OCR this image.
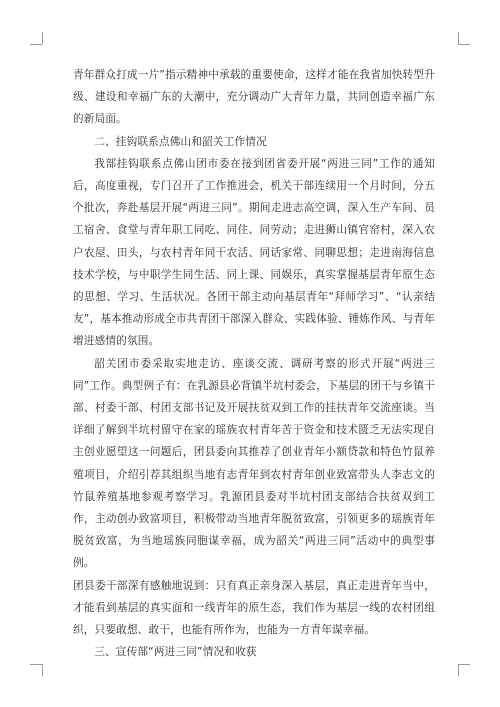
青年群众打成一片”指示精神中承载的重要使命，这样才能在我省加快转型升级、建设和幸福广东的大潮中，充分调动广大青年力量，共同创造幸福广东的新局面。

二、挂钩联系点佛山和韶关工作情况

我部挂钩联系点佛山团市委在接到团省委开展“两进三同”工作的通知后，高度重视，专门召开了工作推进会，机关干部连续用一个月时间，分五个批次，奔赴基层开展“两进三同”。期间走进志高空调，深入生产车间、员工宿舍、食堂与青年职工同吃、同住、同劳动；走进狮山镇官窑村，深入农户农屋、田头，与农村青年同干农活、同话家常、同聊思想；走进南海信息技术学校，与中职学生同生活、同上课、同娱乐，真实掌握基层青年原生态的思想、学习、生活状况。各团干部主动向基层青年“拜师学习”、“认亲结友”，基本推动形成全市共青团干部深入群众、实践体验、锤炼作风、与青年增进感情的氛围。

韶关团市委采取实地走访、座谈交流、调研考察的形式开展“两进三同”工作。典型例子有：在乳源县必背镇半坑村委会，下基层的团干与乡镇干部、村委干部、村团支部书记及开展扶贫双到工作的挂扶青年交流座谈。当详细了解到半坑村留守在家的瑶族农村青年苦于资金和技术匮乏无法实现自主创业愿望这一问题后，团县委向其推荐了创业青年小额贷款和特色竹鼠养殖项目，介绍引荐其组织当地有志青年到农村青年创业致富带头人李志文的竹鼠养殖基地参观考察学习。乳源团县委对半坑村团支部结合扶贫双到工作，主动创办致富项目，积极带动当地青年脱贫致富，引领更多的瑶族青年脱贫致富，为当地瑶族同胞谋幸福，成为韶关“两进三同”活动中的典型事例。

团县委干部深有感触地说到：只有真正亲身深入基层，真正走进青年当中，才能看到基层的真实面和一线青年的原生态，我们作为基层一线的农村团组织，只要敢想、敢干，也能有所作为，也能为一方青年谋幸福。

三、宣传部“两进三同”情况和收获
